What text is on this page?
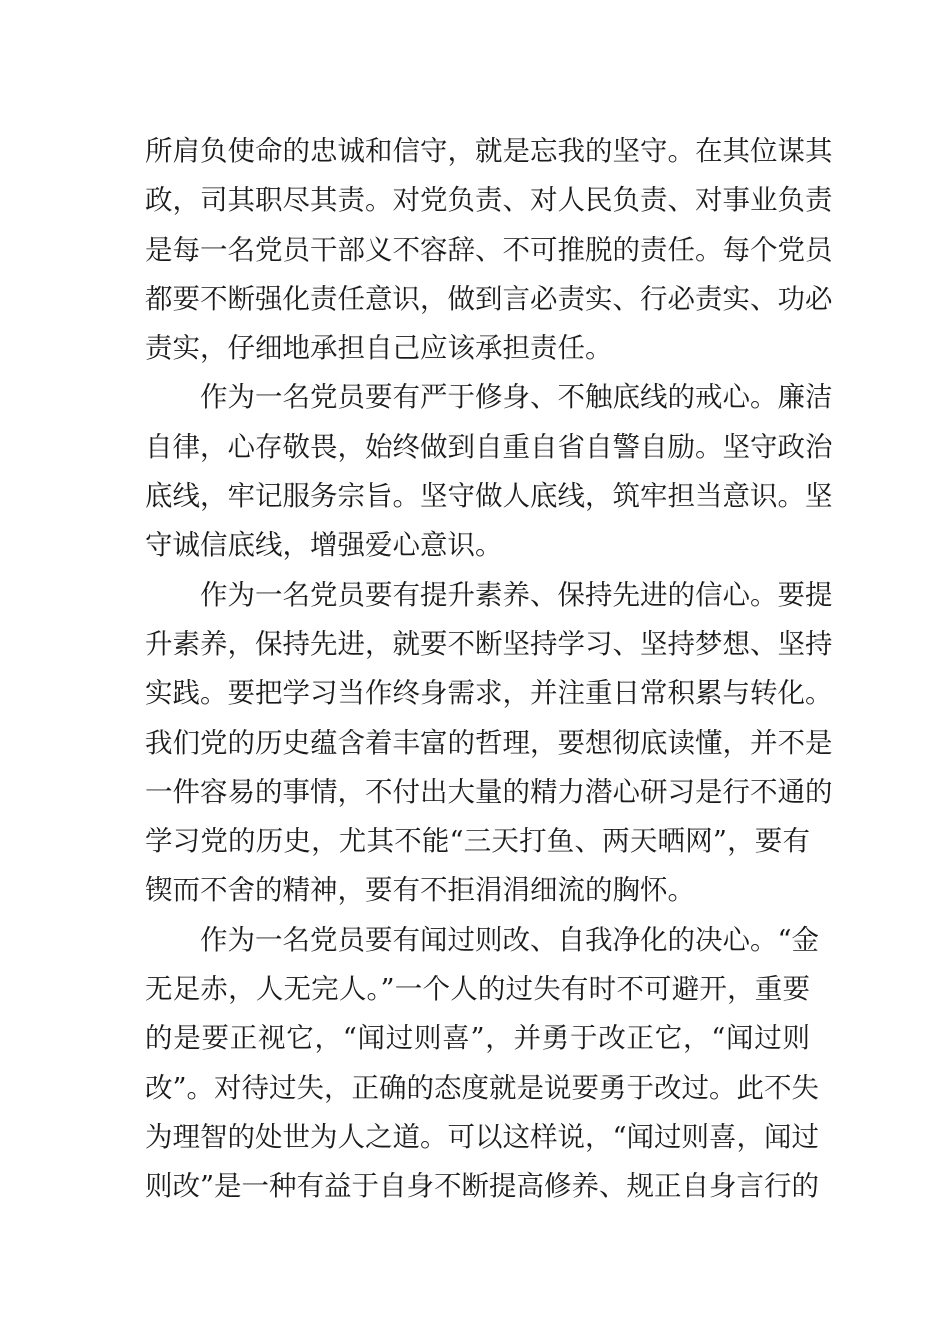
所肩负使命的忠诚和信守，就是忘我的坚守。在其位谋其
政，司其职尽其责。对党负责、对人民负责、对事业负责
是每一名党员干部义不容辞、不可推脱的责任。每个党员
都要不断强化责任意识，做到言必责实、行必责实、功必
责实，仔细地承担自己应该承担责任。
作为一名党员要有严于修身、不触底线的戒心。廉洁
自律，心存敬畏，始终做到自重自省自警自励。坚守政治
底线，牢记服务宗旨。坚守做人底线，筑牢担当意识。坚
守诚信底线，增强爱心意识。
作为一名党员要有提升素养、保持先进的信心。要提
升素养，保持先进，就要不断坚持学习、坚持梦想、坚持
实践。要把学习当作终身需求，并注重日常积累与转化。
我们党的历史蕴含着丰富的哲理，要想彻底读懂，并不是
一件容易的事情，不付出大量的精力潜心研习是行不通的
学习党的历史，尤其不能“三天打鱼、两天晒网”，要有
锲而不舍的精神，要有不拒涓涓细流的胸怀。
作为一名党员要有闻过则改、自我净化的决心。“金
无足赤，人无完人。”一个人的过失有时不可避开，重要
的是要正视它，“闻过则喜”，并勇于改正它，“闻过则
改”。对待过失，正确的态度就是说要勇于改过。此不失
为理智的处世为人之道。可以这样说，“闻过则喜，闻过
则改”是一种有益于自身不断提高修养、规正自身言行的
